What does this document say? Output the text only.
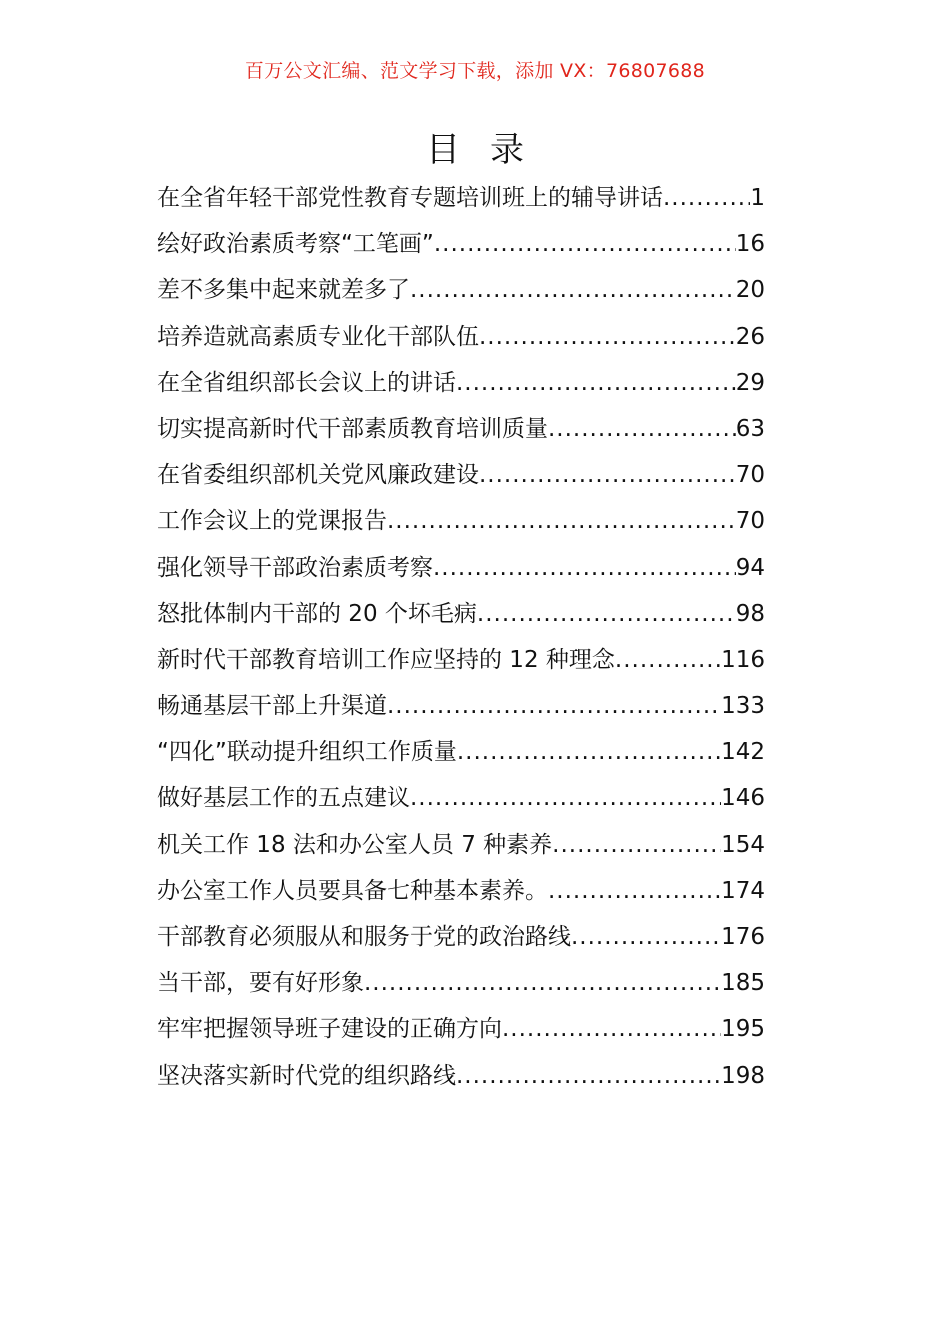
百万公文汇编、范文学习下载，添加 VX：76807688
目录
在全省年轻干部党性教育专题培训班上的辅导讲话 .....	1
绘好政治素质考察“工笔画” .....	16
差不多集中起来就差多了 .....	20
培养造就高素质专业化干部队伍 .....	26
在全省组织部长会议上的讲话 .....	29
切实提高新时代干部素质教育培训质量 .....	63
在省委组织部机关党风廉政建设 .....	70
工作会议上的党课报告 .....	70
强化领导干部政治素质考察 .....	94
怒批体制内干部的 20 个坏毛病 .....	98
新时代干部教育培训工作应坚持的 12 种理念 .....	116
畅通基层干部上升渠道 .....	133
“四化”联动提升组织工作质量 .....	142
做好基层工作的五点建议 .....	146
机关工作 18 法和办公室人员 7 种素养 .....	154
办公室工作人员要具备七种基本素养。 .....	174
干部教育必须服从和服务于党的政治路线 .....	176
当干部，要有好形象 .....	185
牢牢把握领导班子建设的正确方向 .....	195
坚决落实新时代党的组织路线 .....	198
